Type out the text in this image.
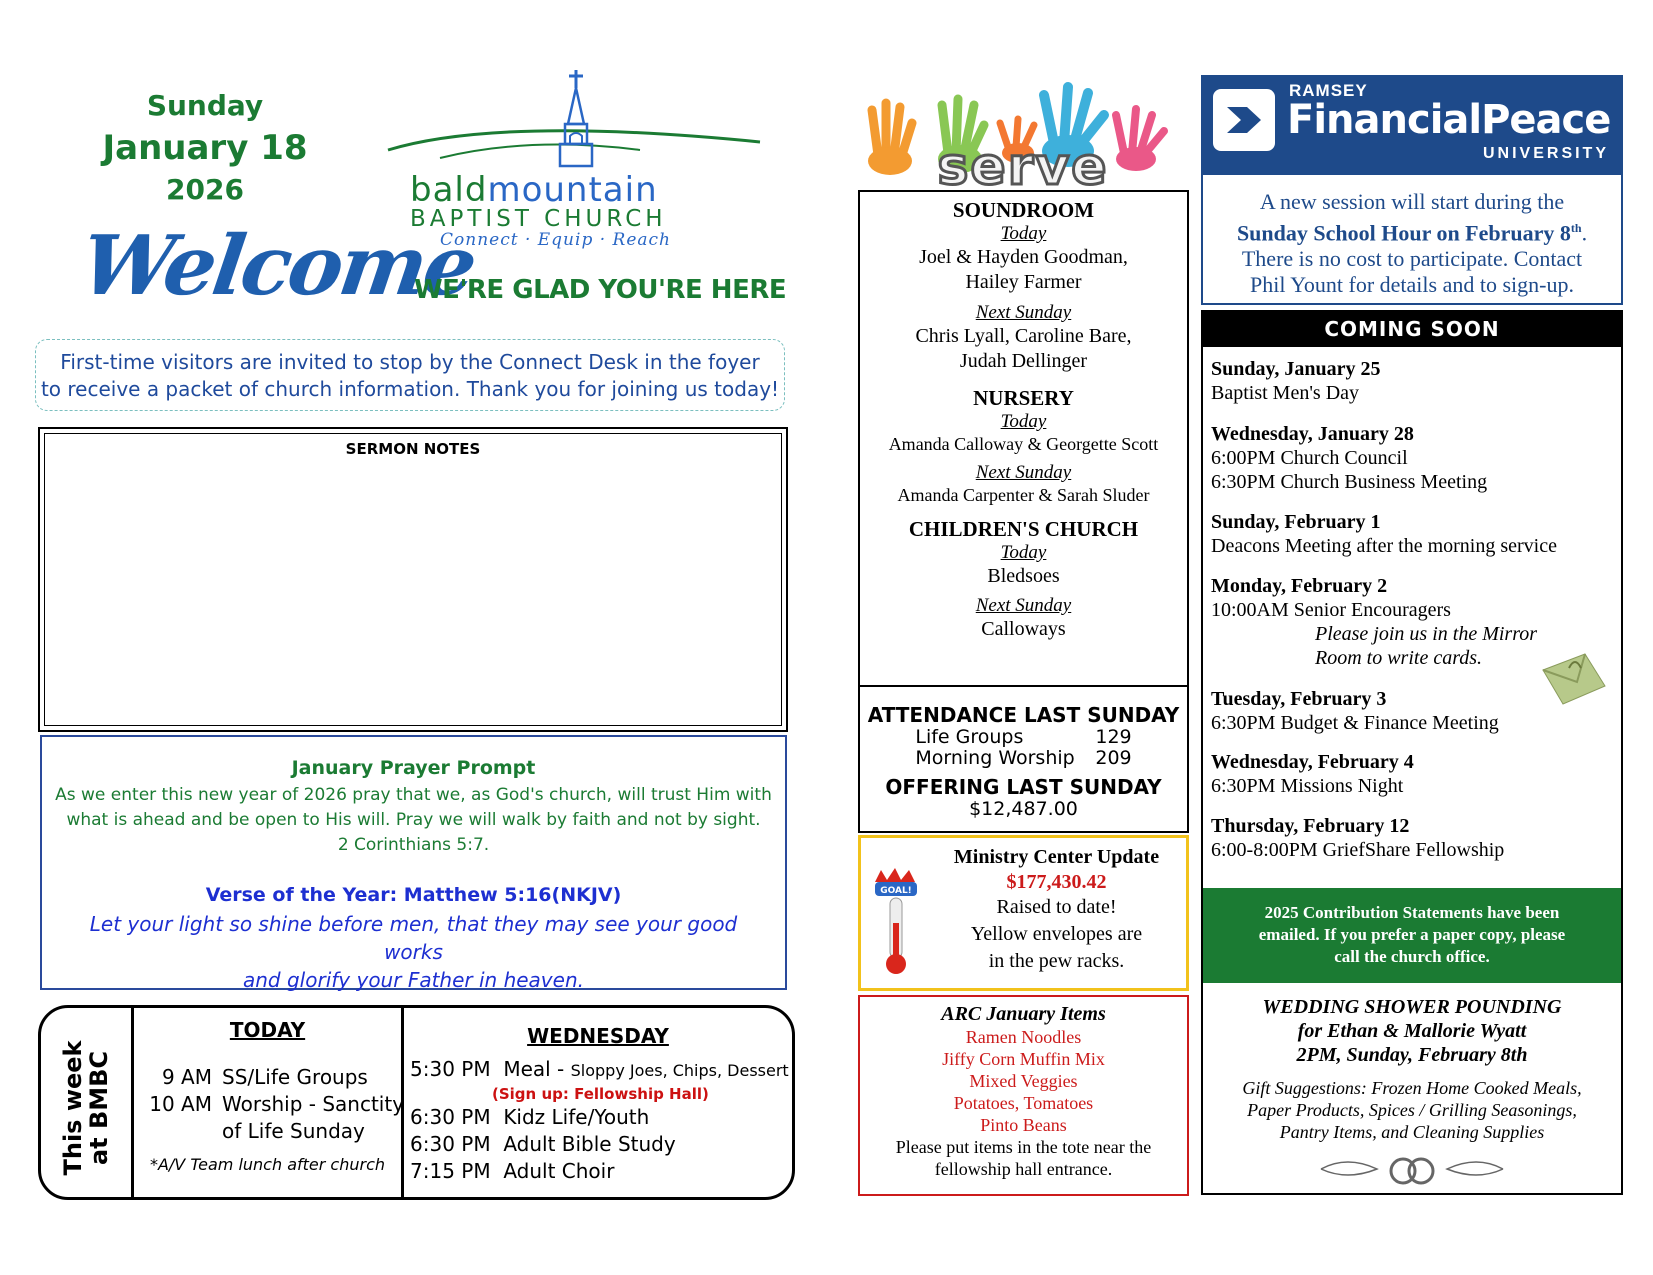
Sunday
January 18
2026	baldmountain
BAPTIST CHURCH
Connect · Equip · Reach
Welcome
WE'RE GLAD YOU'RE HERE
First-time visitors are invited to stop by the Connect Desk in the foyer
to receive a packet of church information. Thank you for joining us today!
SERMON NOTES
January Prayer Prompt
As we enter this new year of 2026 pray that we, as God's church, will trust Him with what is ahead and be open to His will. Pray we will walk by faith and not by sight.
2 Corinthians 5:7.
Verse of the Year: Matthew 5:16(NKJV)
Let your light so shine before men, that they may see your good works
and glorify your Father in heaven.
This week
at BMBC
TODAY
9 AM SS/Life Groups
10 AM Worship - Sanctity
of Life Sunday
*A/V Team lunch after church
WEDNESDAY
5:30 PM Meal - Sloppy Joes, Chips, Dessert
(Sign up: Fellowship Hall)
6:30 PM Kidz Life/Youth
6:30 PM Adult Bible Study
7:15 PM Adult Choir
serve
SOUNDROOM
Today
Joel & Hayden Goodman,
Hailey Farmer
Next Sunday
Chris Lyall, Caroline Bare,
Judah Dellinger
NURSERY
Today
Amanda Calloway & Georgette Scott
Next Sunday
Amanda Carpenter & Sarah Sluder
CHILDREN'S CHURCH
Today
Bledsoes
Next Sunday
Calloways
ATTENDANCE LAST SUNDAY
Life Groups	129
Morning Worship 209
OFFERING LAST SUNDAY
$12,487.00
GOAL!
Ministry Center Update
$177,430.42
Raised to date!
Yellow envelopes are
in the pew racks.
ARC January Items
Ramen Noodles
Jiffy Corn Muffin Mix
Mixed Veggies
Potatoes, Tomatoes
Pinto Beans
Please put items in the tote near the
fellowship hall entrance.
RAMSEY
FinancialPeace
UNIVERSITY
A new session will start during the
Sunday School Hour on February 8th.
There is no cost to participate. Contact
Phil Yount for details and to sign-up.
COMING SOON
Sunday, January 25
Baptist Men's Day
Wednesday, January 28
6:00PM Church Council
6:30PM Church Business Meeting
Sunday, February 1
Deacons Meeting after the morning service
Monday, February 2
10:00AM Senior Encouragers
Please join us in the Mirror
Room to write cards.
Tuesday, February 3
6:30PM Budget & Finance Meeting
Wednesday, February 4
6:30PM Missions Night
Thursday, February 12
6:00-8:00PM GriefShare Fellowship
2025 Contribution Statements have been
emailed. If you prefer a paper copy, please
call the church office.
WEDDING SHOWER POUNDING
for Ethan & Mallorie Wyatt
2PM, Sunday, February 8th
Gift Suggestions: Frozen Home Cooked Meals,
Paper Products, Spices / Grilling Seasonings,
Pantry Items, and Cleaning Supplies
